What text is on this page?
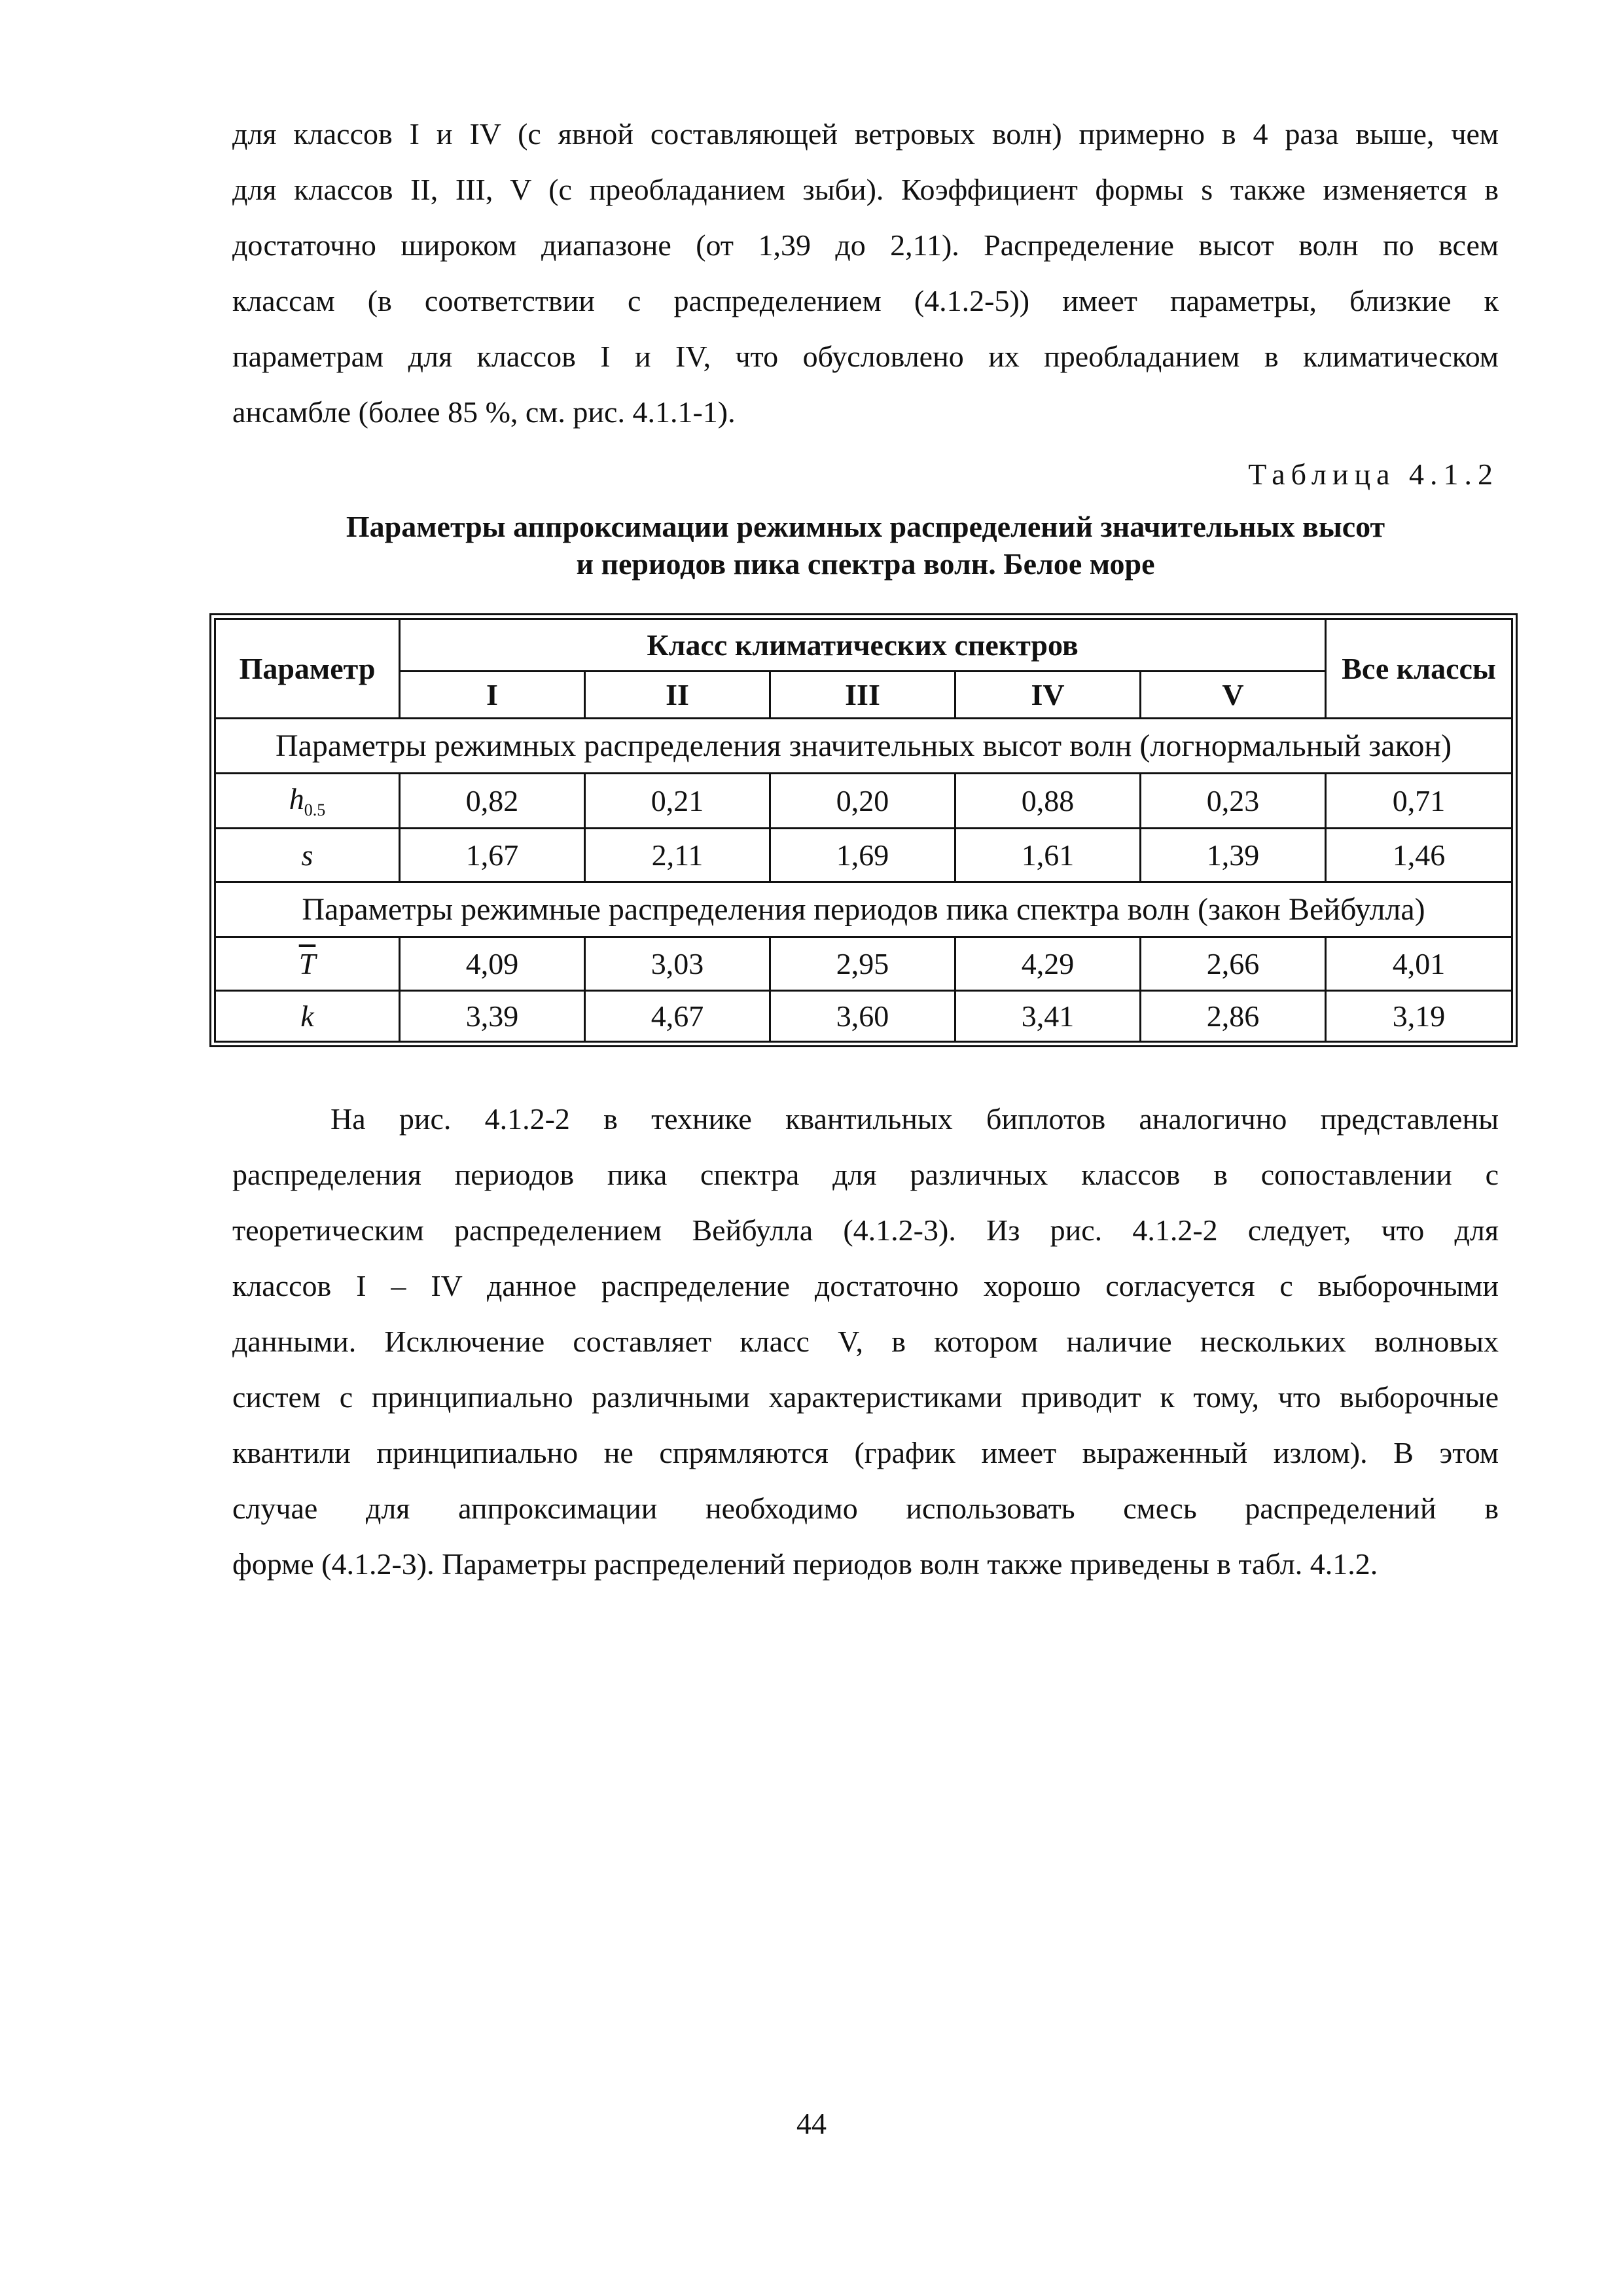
для классов I и IV (с явной составляющей ветровых волн) примерно в 4 раза выше, чем
для классов II, III, V (с преобладанием зыби). Коэффициент формы s также изменяется в
достаточно широком диапазоне (от 1,39 до 2,11). Распределение высот волн по всем
классам (в соответствии с распределением (4.1.2-5)) имеет параметры, близкие к
параметрам для классов I и IV, что обусловлено их преобладанием в климатическом
ансамбле (более 85 %, см. рис. 4.1.1-1).
Таблица 4.1.2
Параметры аппроксимации режимных распределений значительных высот
и периодов пика спектра волн. Белое море
Параметр	Класс климатических спектров					Все классы
	I	II	III	IV	V	
Параметры режимных распределения значительных высот волн (логнормальный закон)						
$h_{0.5}$	0,82	0,21	0,20	0,88	0,23	0,71
s	1,67	2,11	1,69	1,61	1,39	1,46
Параметры режимные распределения периодов пика спектра волн (закон Вейбулла)						
$\overline{T}$	4,09	3,03	2,95	4,29	2,66	4,01
k	3,39	4,67	3,60	3,41	2,86	3,19
На рис. 4.1.2-2 в технике квантильных биплотов аналогично представлены
распределения периодов пика спектра для различных классов в сопоставлении с
теоретическим распределением Вейбулла (4.1.2-3). Из рис. 4.1.2-2 следует, что для
классов I – IV данное распределение достаточно хорошо согласуется с выборочными
данными. Исключение составляет класс V, в котором наличие нескольких волновых
систем с принципиально различными характеристиками приводит к тому, что выборочные
квантили принципиально не спрямляются (график имеет выраженный излом). В этом
случае для аппроксимации необходимо использовать смесь распределений в
форме (4.1.2-3). Параметры распределений периодов волн также приведены в табл. 4.1.2.
44
